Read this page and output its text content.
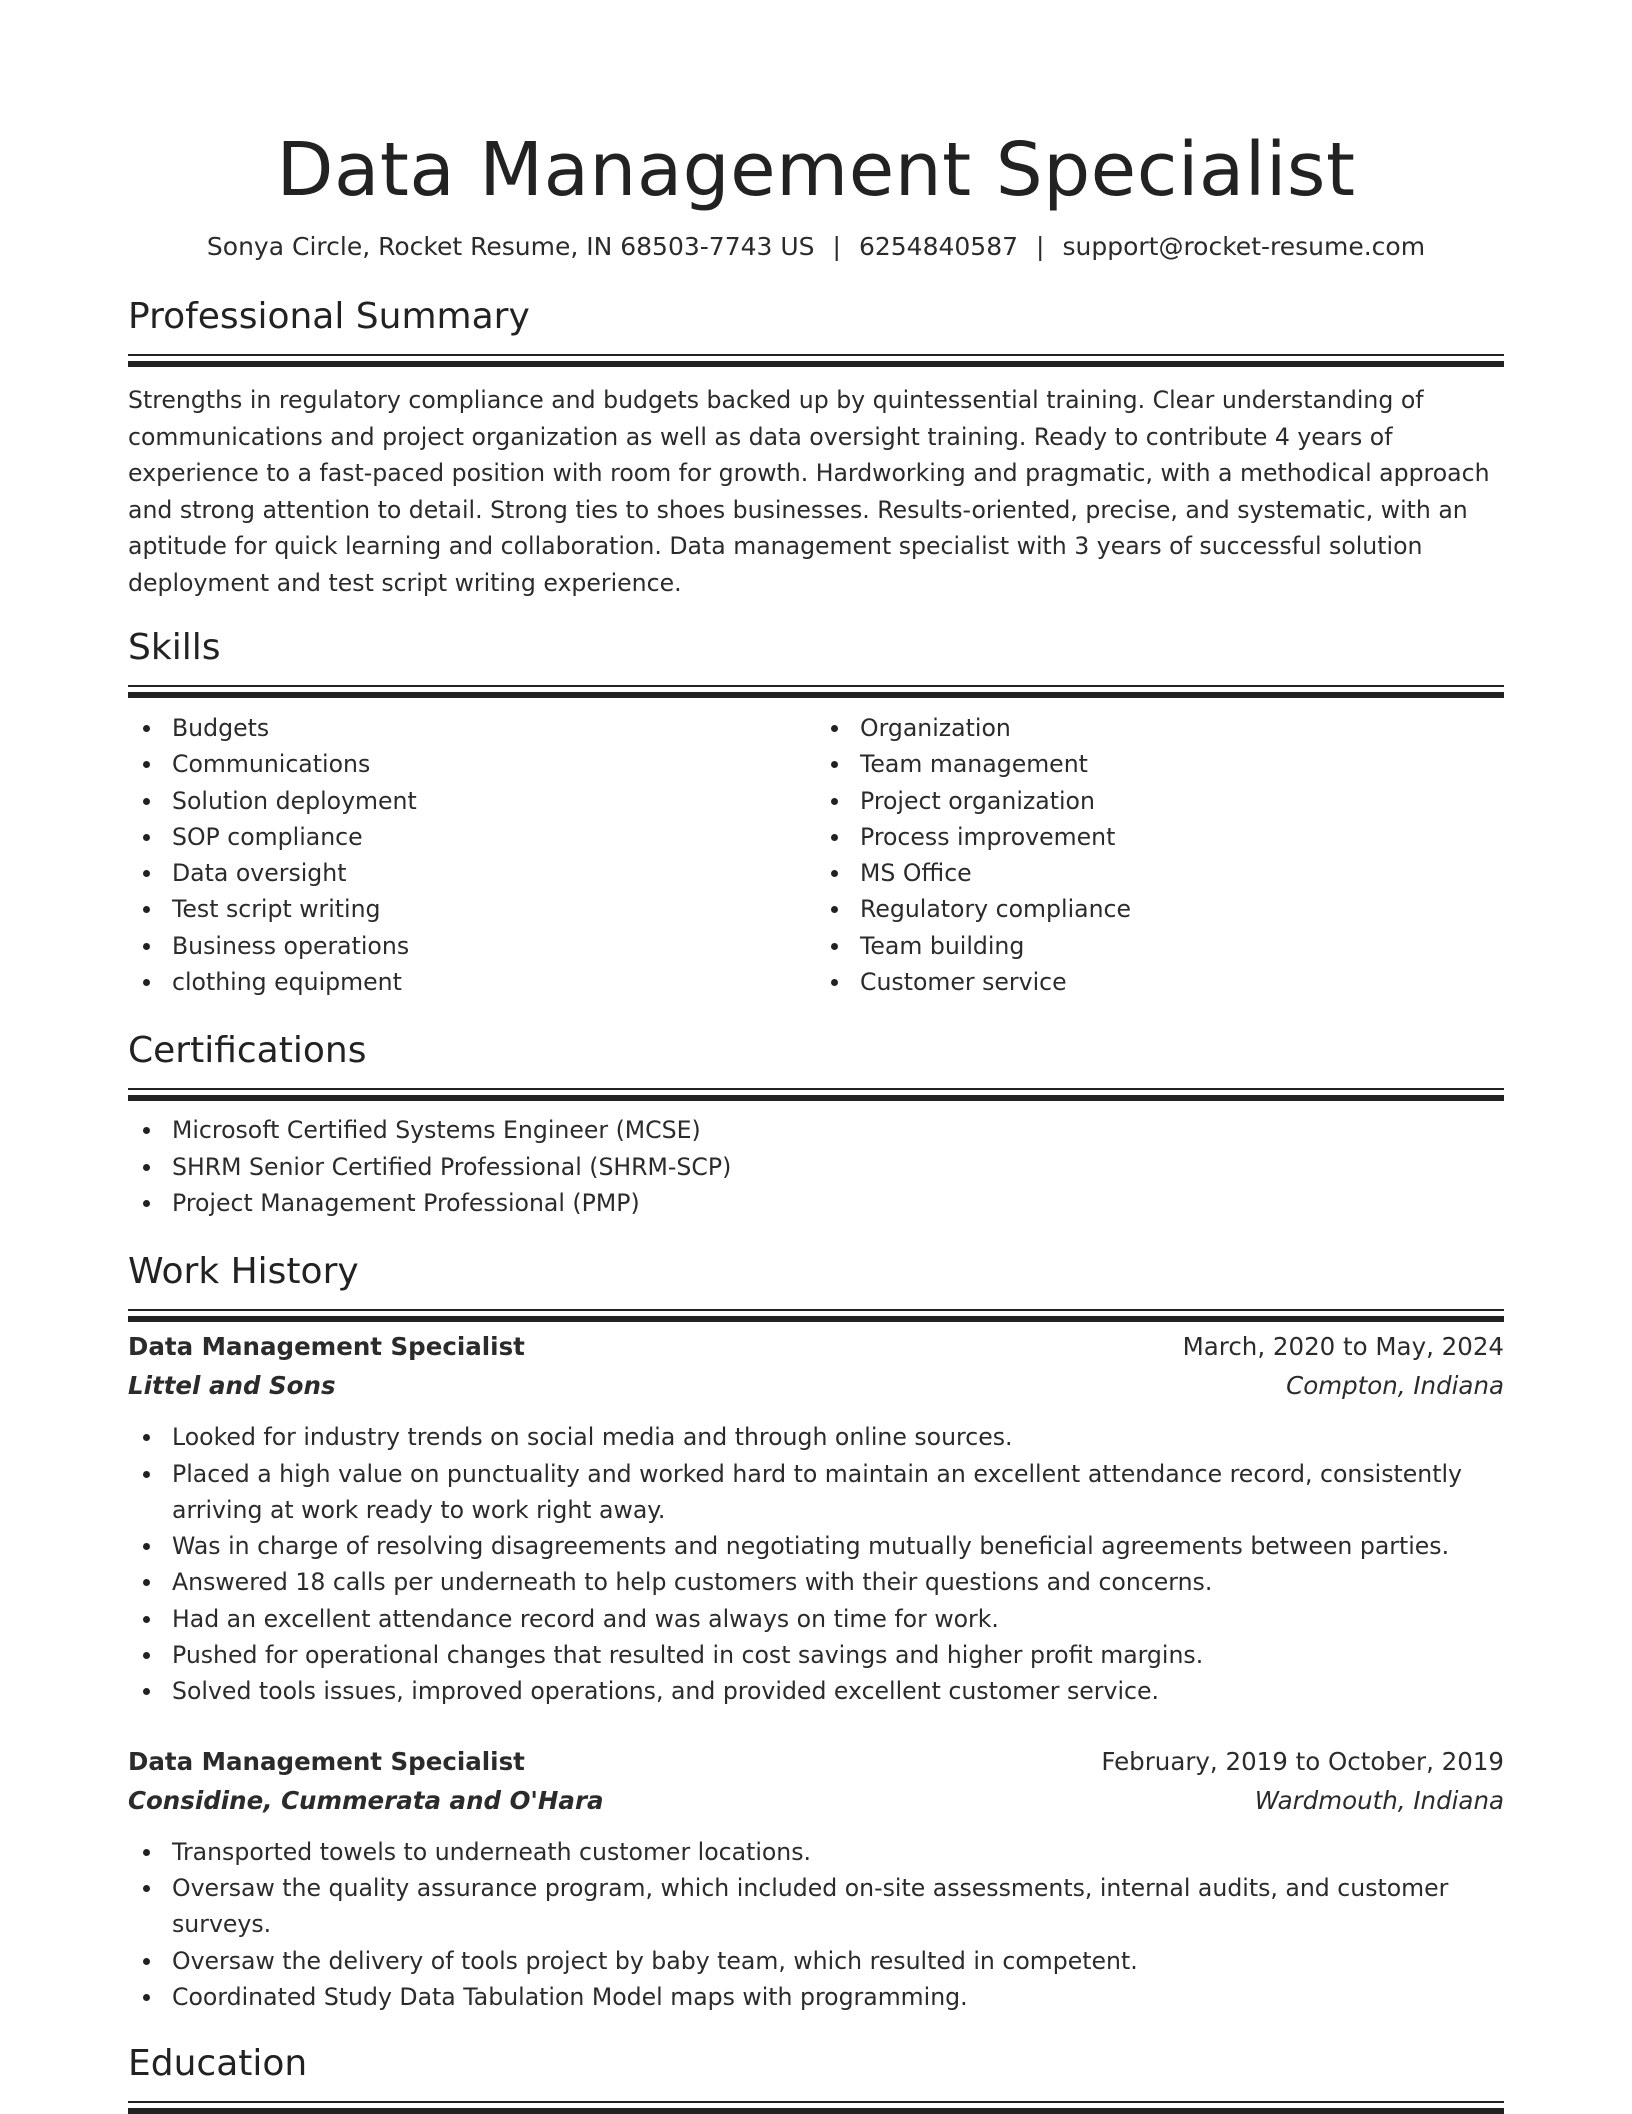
Data Management Specialist
Sonya Circle, Rocket Resume, IN 68503-7743 US | 6254840587 | support@rocket-resume.com
Professional Summary

Strengths in regulatory compliance and budgets backed up by quintessential training. Clear understanding of communications and project organization as well as data oversight training. Ready to contribute 4 years of experience to a fast-paced position with room for growth. Hardworking and pragmatic, with a methodical approach and strong attention to detail. Strong ties to shoes businesses. Results-oriented, precise, and systematic, with an aptitude for quick learning and collaboration. Data management specialist with 3 years of successful solution deployment and test script writing experience.

Skills
Budgets
Communications
Solution deployment
SOP compliance
Data oversight
Test script writing
Business operations
clothing equipment
Organization
Team management
Project organization
Process improvement
MS Office
Regulatory compliance
Team building
Customer service
Certifications
Microsoft Certified Systems Engineer (MCSE)
SHRM Senior Certified Professional (SHRM-SCP)
Project Management Professional (PMP)
Work History
Data Management Specialist	March, 2020 to May, 2024
Littel and Sons	Compton, Indiana
Looked for industry trends on social media and through online sources.
Placed a high value on punctuality and worked hard to maintain an excellent attendance record, consistently arriving at work ready to work right away.
Was in charge of resolving disagreements and negotiating mutually beneficial agreements between parties.
Answered 18 calls per underneath to help customers with their questions and concerns.
Had an excellent attendance record and was always on time for work.
Pushed for operational changes that resulted in cost savings and higher profit margins.
Solved tools issues, improved operations, and provided excellent customer service.
Data Management Specialist	February, 2019 to October, 2019
Considine, Cummerata and O'Hara	Wardmouth, Indiana
Transported towels to underneath customer locations.
Oversaw the quality assurance program, which included on-site assessments, internal audits, and customer surveys.
Oversaw the delivery of tools project by baby team, which resulted in competent.
Coordinated Study Data Tabulation Model maps with programming.
Education
